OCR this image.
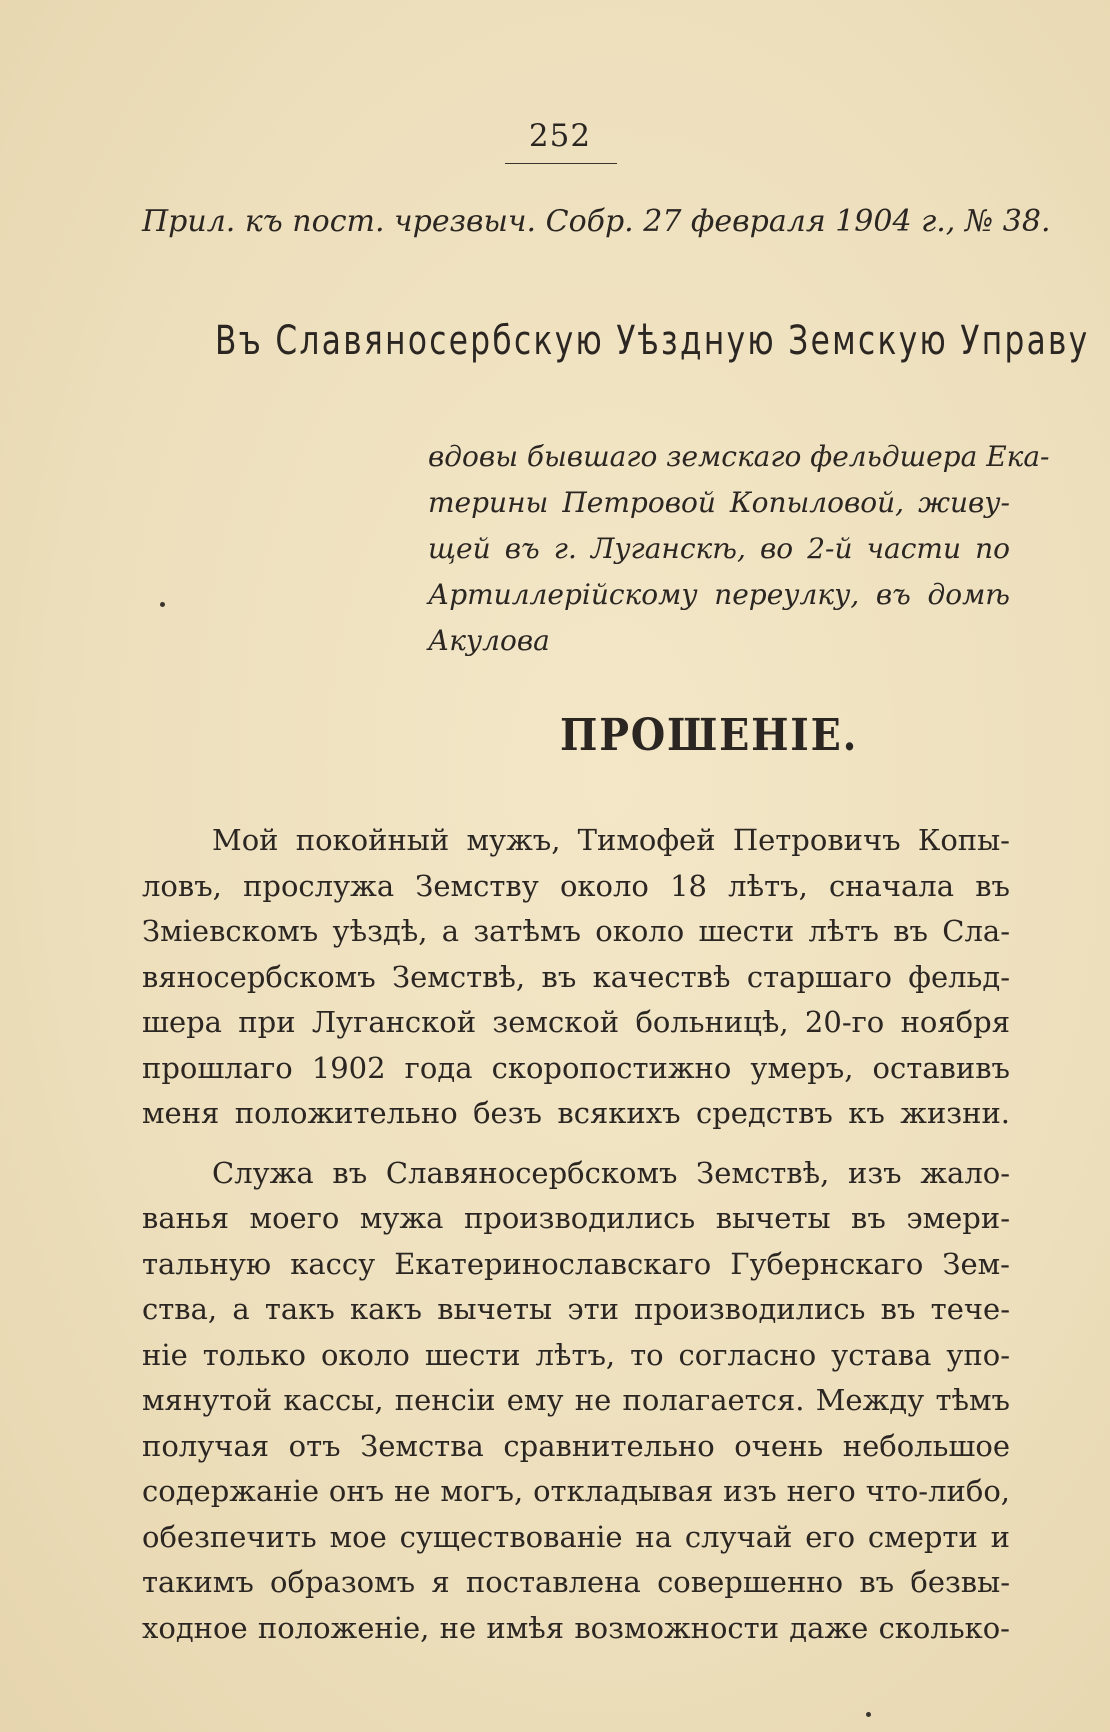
252
Прил. къ пост. чрезвыч. Собр. 27 февраля 1904 г., № 38.
Въ Славяносербскую Уѣздную Земскую Управу
вдовы бывшаго земскаго фельдшера Ека-
терины Петровой Копыловой, живу-
щей въ г. Луганскѣ, во 2-й части по
Артиллерiйскому переулку, въ домѣ
Акулова
ПРОШЕНIЕ.
Мой покойный мужъ, Тимофей Петровичъ Копы-
ловъ, прослужа Земству около 18 лѣтъ, сначала въ
Змiевскомъ уѣздѣ, а затѣмъ около шести лѣтъ въ Сла-
вяносербскомъ Земствѣ, въ качествѣ старшаго фельд-
шера при Луганской земской больницѣ, 20-го ноября
прошлаго 1902 года скоропостижно умеръ, оставивъ
меня положительно безъ всякихъ средствъ къ жизни.
Служа въ Славяносербскомъ Земствѣ, изъ жало-
ванья моего мужа производились вычеты въ эмери-
тальную кассу Екатеринославскаго Губернскаго Зем-
ства, а такъ какъ вычеты эти производились въ тече-
нiе только около шести лѣтъ, то согласно устава упо-
мянутой кассы, пенсiи ему не полагается. Между тѣмъ
получая отъ Земства сравнительно очень небольшое
содержанiе онъ не могъ, откладывая изъ него что-либо,
обезпечить мое существованiе на случай его смерти и
такимъ образомъ я поставлена совершенно въ безвы-
ходное положенiе, не имѣя возможности даже сколько-
